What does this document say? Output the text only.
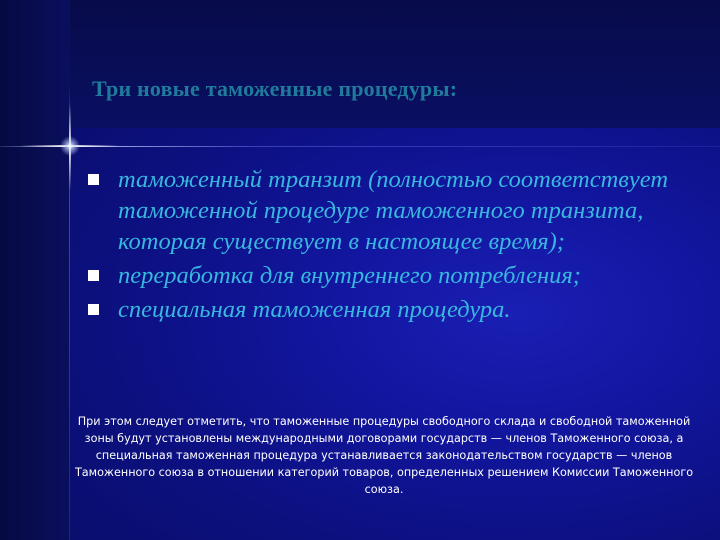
Три новые таможенные процедуры:
таможенный транзит (полностью соответствует таможенной процедуре таможенного транзита, которая существует в настоящее время);
переработка для внутреннего потребления;
специальная таможенная процедура.
При этом следует отметить, что таможенные процедуры свободного склада и свободной таможенной зоны будут установлены международными договорами государств — членов Таможенного союза, а специальная таможенная процедура устанавливается законодательством государств — членов Таможенного союза в отношении категорий товаров, определенных решением Комиссии Таможенного союза.
